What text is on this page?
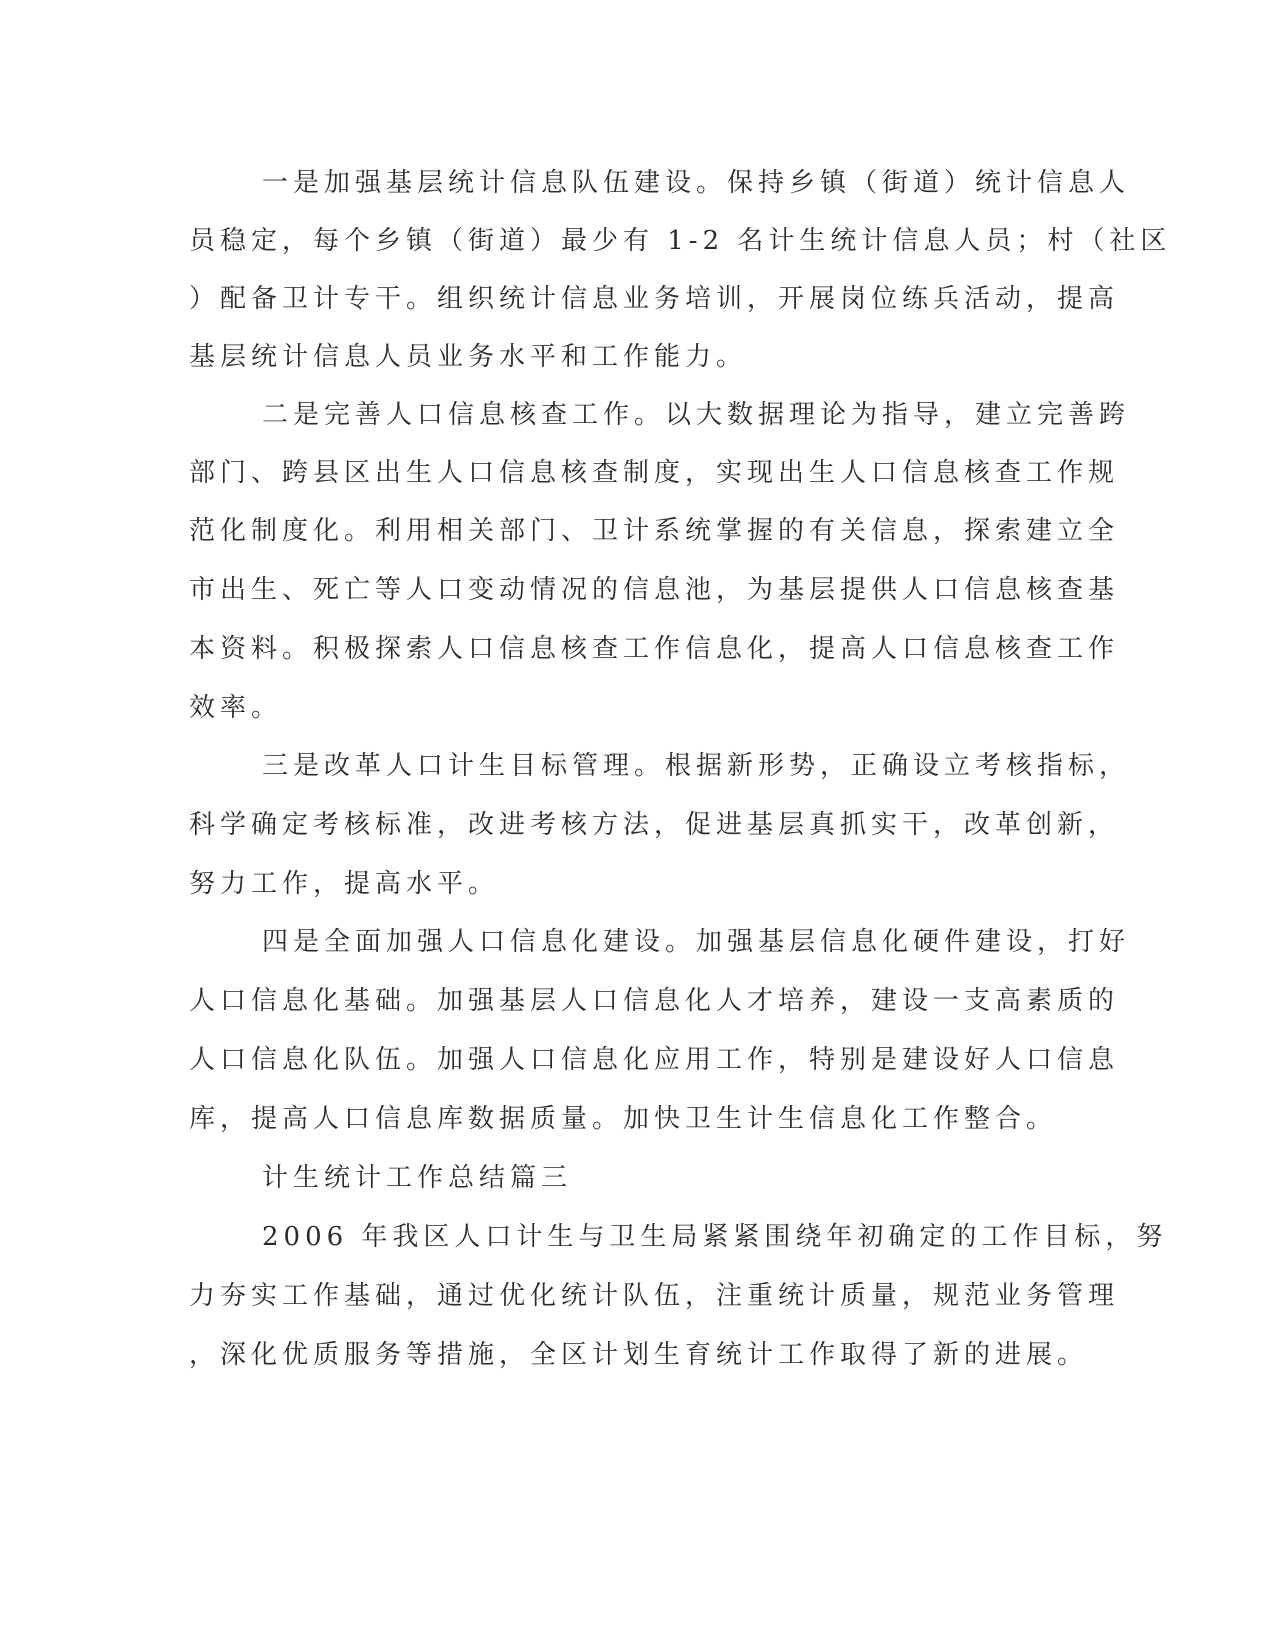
一是加强基层统计信息队伍建设。保持乡镇（街道）统计信息人
员稳定，每个乡镇（街道）最少有 1-2 名计生统计信息人员；村（社区
）配备卫计专干。组织统计信息业务培训，开展岗位练兵活动，提高
基层统计信息人员业务水平和工作能力。
二是完善人口信息核查工作。以大数据理论为指导，建立完善跨
部门、跨县区出生人口信息核查制度，实现出生人口信息核查工作规
范化制度化。利用相关部门、卫计系统掌握的有关信息，探索建立全
市出生、死亡等人口变动情况的信息池，为基层提供人口信息核查基
本资料。积极探索人口信息核查工作信息化，提高人口信息核查工作
效率。
三是改革人口计生目标管理。根据新形势，正确设立考核指标，
科学确定考核标准，改进考核方法，促进基层真抓实干，改革创新，
努力工作，提高水平。
四是全面加强人口信息化建设。加强基层信息化硬件建设，打好
人口信息化基础。加强基层人口信息化人才培养，建设一支高素质的
人口信息化队伍。加强人口信息化应用工作，特别是建设好人口信息
库，提高人口信息库数据质量。加快卫生计生信息化工作整合。
计生统计工作总结篇三
2006 年我区人口计生与卫生局紧紧围绕年初确定的工作目标，努
力夯实工作基础，通过优化统计队伍，注重统计质量，规范业务管理
，深化优质服务等措施，全区计划生育统计工作取得了新的进展。
